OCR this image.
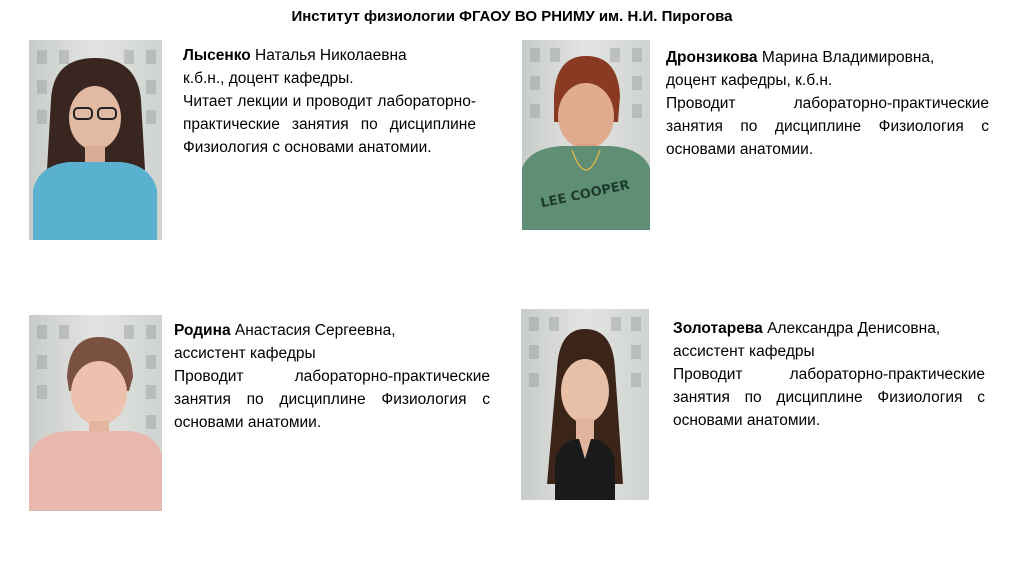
Институт физиологии ФГАОУ ВО РНИМУ им. Н.И. Пирогова

Лысенко Наталья Николаевна

к.б.н., доцент кафедры.

Читает лекции и проводит лабораторно-практические занятия по дисциплине Физиология с основами анатомии.

LEE COOPER

Дронзикова Марина Владимировна,

доцент кафедры, к.б.н.

Проводит лабораторно-практические занятия по дисциплине Физиология с основами анатомии.

Родина Анастасия Сергеевна,

ассистент кафедры

Проводит лабораторно-практические занятия по дисциплине Физиология с основами анатомии.

Золотарева Александра Денисовна,

ассистент кафедры

Проводит лабораторно-практические занятия по дисциплине Физиология с основами анатомии.
